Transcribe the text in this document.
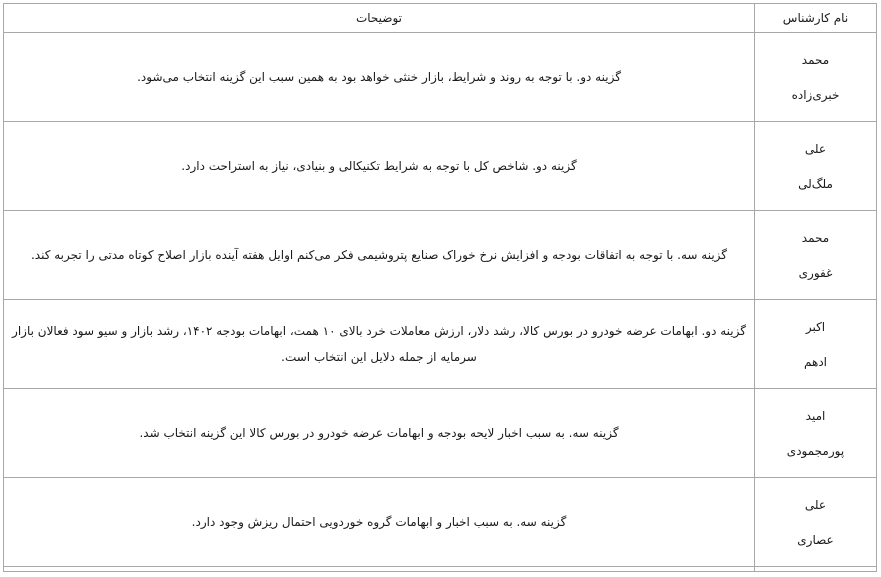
نام کارشناس	توضیحات

محمد
خبری‌زاده	گزینه دو. با توجه به روند و شرایط، بازار خنثی خواهد بود به همین سبب این گزینه انتخاب می‌شود.

علی
ملگ‌لی	گزینه دو. شاخص کل با توجه به شرایط تکنیکالی و بنیادی، نیاز به استراحت دارد.

محمد
غفوری	گزینه سه. با توجه به اتفاقات بودجه و افزایش نرخ خوراک صنایع پتروشیمی فکر می‌کنم اوایل هفته آینده بازار اصلاح کوتاه مدتی را تجربه کند.

اکبر
ادهم	گزینه دو. ابهامات عرضه خودرو در بورس کالا، رشد دلار، ارزش معاملات خرد بالای ۱۰ همت، ابهامات بودجه ۱۴۰۲، رشد بازار و سیو سود فعالان بازار سرمایه از جمله دلایل این انتخاب است.

امید
پورمجمودی	گزینه سه. به سبب اخبار لایحه بودجه و ابهامات عرضه خودرو در بورس کالا این گزینه انتخاب شد.

علی
عصاری	گزینه سه. به سبب اخبار و ابهامات گروه خوردویی احتمال ریزش وجود دارد.
